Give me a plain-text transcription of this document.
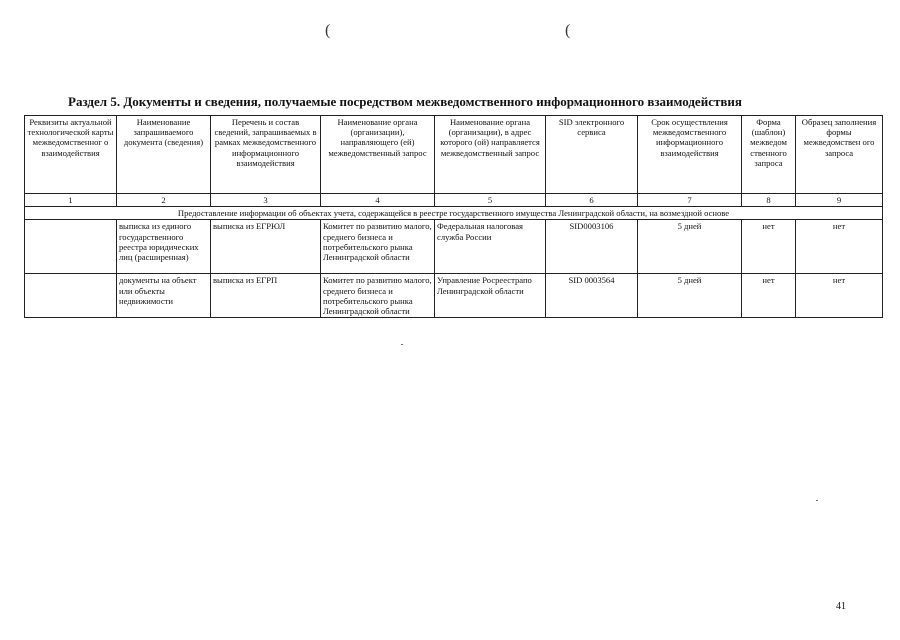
(	(
Раздел 5. Документы и сведения, получаемые посредством межведомственного информационного взаимодействия
Реквизиты актуальной технологической карты межведомственног о взаимодействия	Наименование запрашиваемого документа (сведения)	Перечень и состав сведений, запрашиваемых в рамках межведомственного информационного взаимодействия	Наименование органа (организации), направляющего (ей) межведомственный запрос	Наименование органа (организации), в адрес которого (ой) направляется межведомственный запрос	SID электронного сервиса	Срок осуществления межведомственного информационного взаимодействия	Форма (шаблон) межведом ственного запроса	Образец заполнения формы межведомствен ого запроса
1	2	3	4	5	6	7	8	9
Предоставление информации об объектах учета, содержащейся в реестре государственного имущества Ленинградской области, на возмездной основе								
	выписка из единого государственного реестра юридических лиц (расширенная)	выписка из ЕГРЮЛ	Комитет по развитию малого, среднего бизнеса и потребительского рынка Ленинградской области	Федеральная налоговая служба России	SID0003106	5 дней	нет	нет
	документы на объект или объекты недвижимости	выписка из ЕГРП	Комитет по развитию малого, среднего бизнеса и потребительского рынка Ленинградской области	Управление Росреестрапо Ленинградской области	SID 0003564	5 дней	нет	нет
41
